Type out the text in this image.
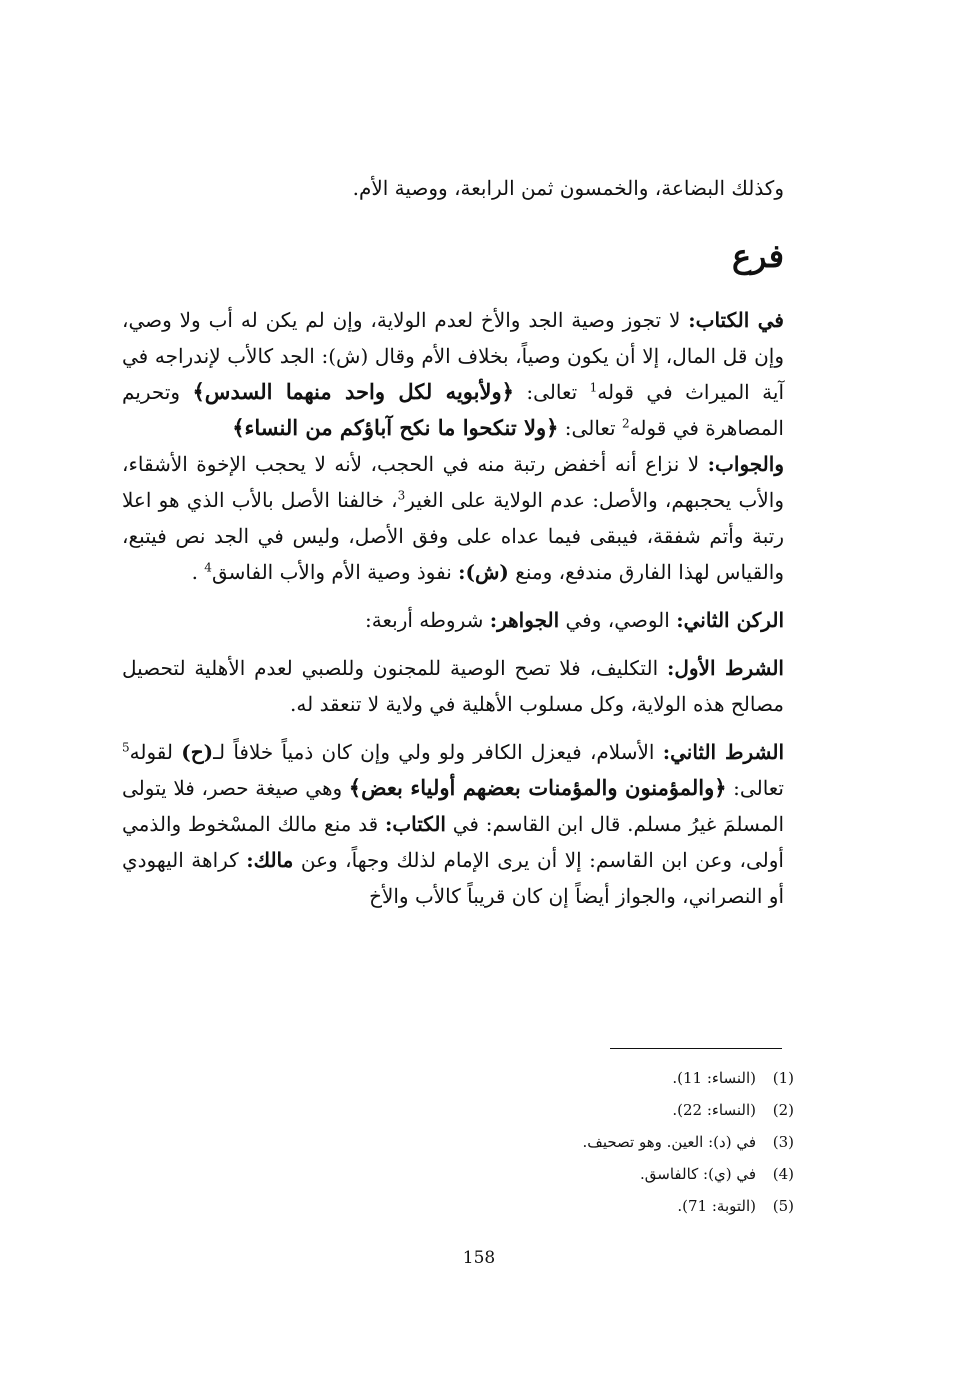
وكذلك البضاعة، والخمسون ثمن الرابعة، ووصية الأم.

فرع

في الكتاب: لا تجوز وصية الجد والأخ لعدم الولاية، وإن لم يكن له أب ولا وصي، وإن قل المال، إلا أن يكون وصياً، بخلاف الأم وقال (ش): الجد كالأب لإندراجه في آية الميراث في قوله$^1$ تعالى: ﴿ولأبويه لكل واحد منهما السدس﴾ وتحريم المصاهرة في قوله$^2$ تعالى: ﴿ولا تنكحوا ما نكح آباؤكم من النساء﴾

والجواب: لا نزاع أنه أخفض رتبة منه في الحجب، لأنه لا يحجب الإخوة الأشقاء، والأب يحجبهم، والأصل: عدم الولاية على الغير$^3$، خالفنا الأصل بالأب الذي هو اعلا رتبة وأتم شفقة، فيبقى فيما عداه على وفق الأصل، وليس في الجد نص فيتبع، والقياس لهذا الفارق مندفع، ومنع (ش): نفوذ وصية الأم والأب الفاسق$^4$ .

الركن الثاني: الوصي، وفي الجواهر: شروطه أربعة:

الشرط الأول: التكليف، فلا تصح الوصية للمجنون وللصبي لعدم الأهلية لتحصيل مصالح هذه الولاية، وكل مسلوب الأهلية في ولاية لا تنعقد له.

الشرط الثاني: الأسلام، فيعزل الكافر ولو ولي وإن كان ذمياً خلافاً لـ(ح) لقوله$^5$ تعالى: ﴿والمؤمنون والمؤمنات بعضهم أولياء بعض﴾ وهي صيغة حصر، فلا يتولى المسلمَ غيرُ مسلم. قال ابن القاسم: في الكتاب: قد منع مالك المسْخوط والذمي أولى، وعن ابن القاسم: إلا أن يرى الإمام لذلك وجهاً، وعن مالك: كراهة اليهودي أو النصراني، والجواز أيضاً إن كان قريباً كالأب والأخ

(1)
(النساء: 11).

(2)
(النساء: 22).

(3)
في (د): العين. وهو تصحيف.

(4)
في (ي): كالفاسق.

(5)
(التوبة: 71).

158
